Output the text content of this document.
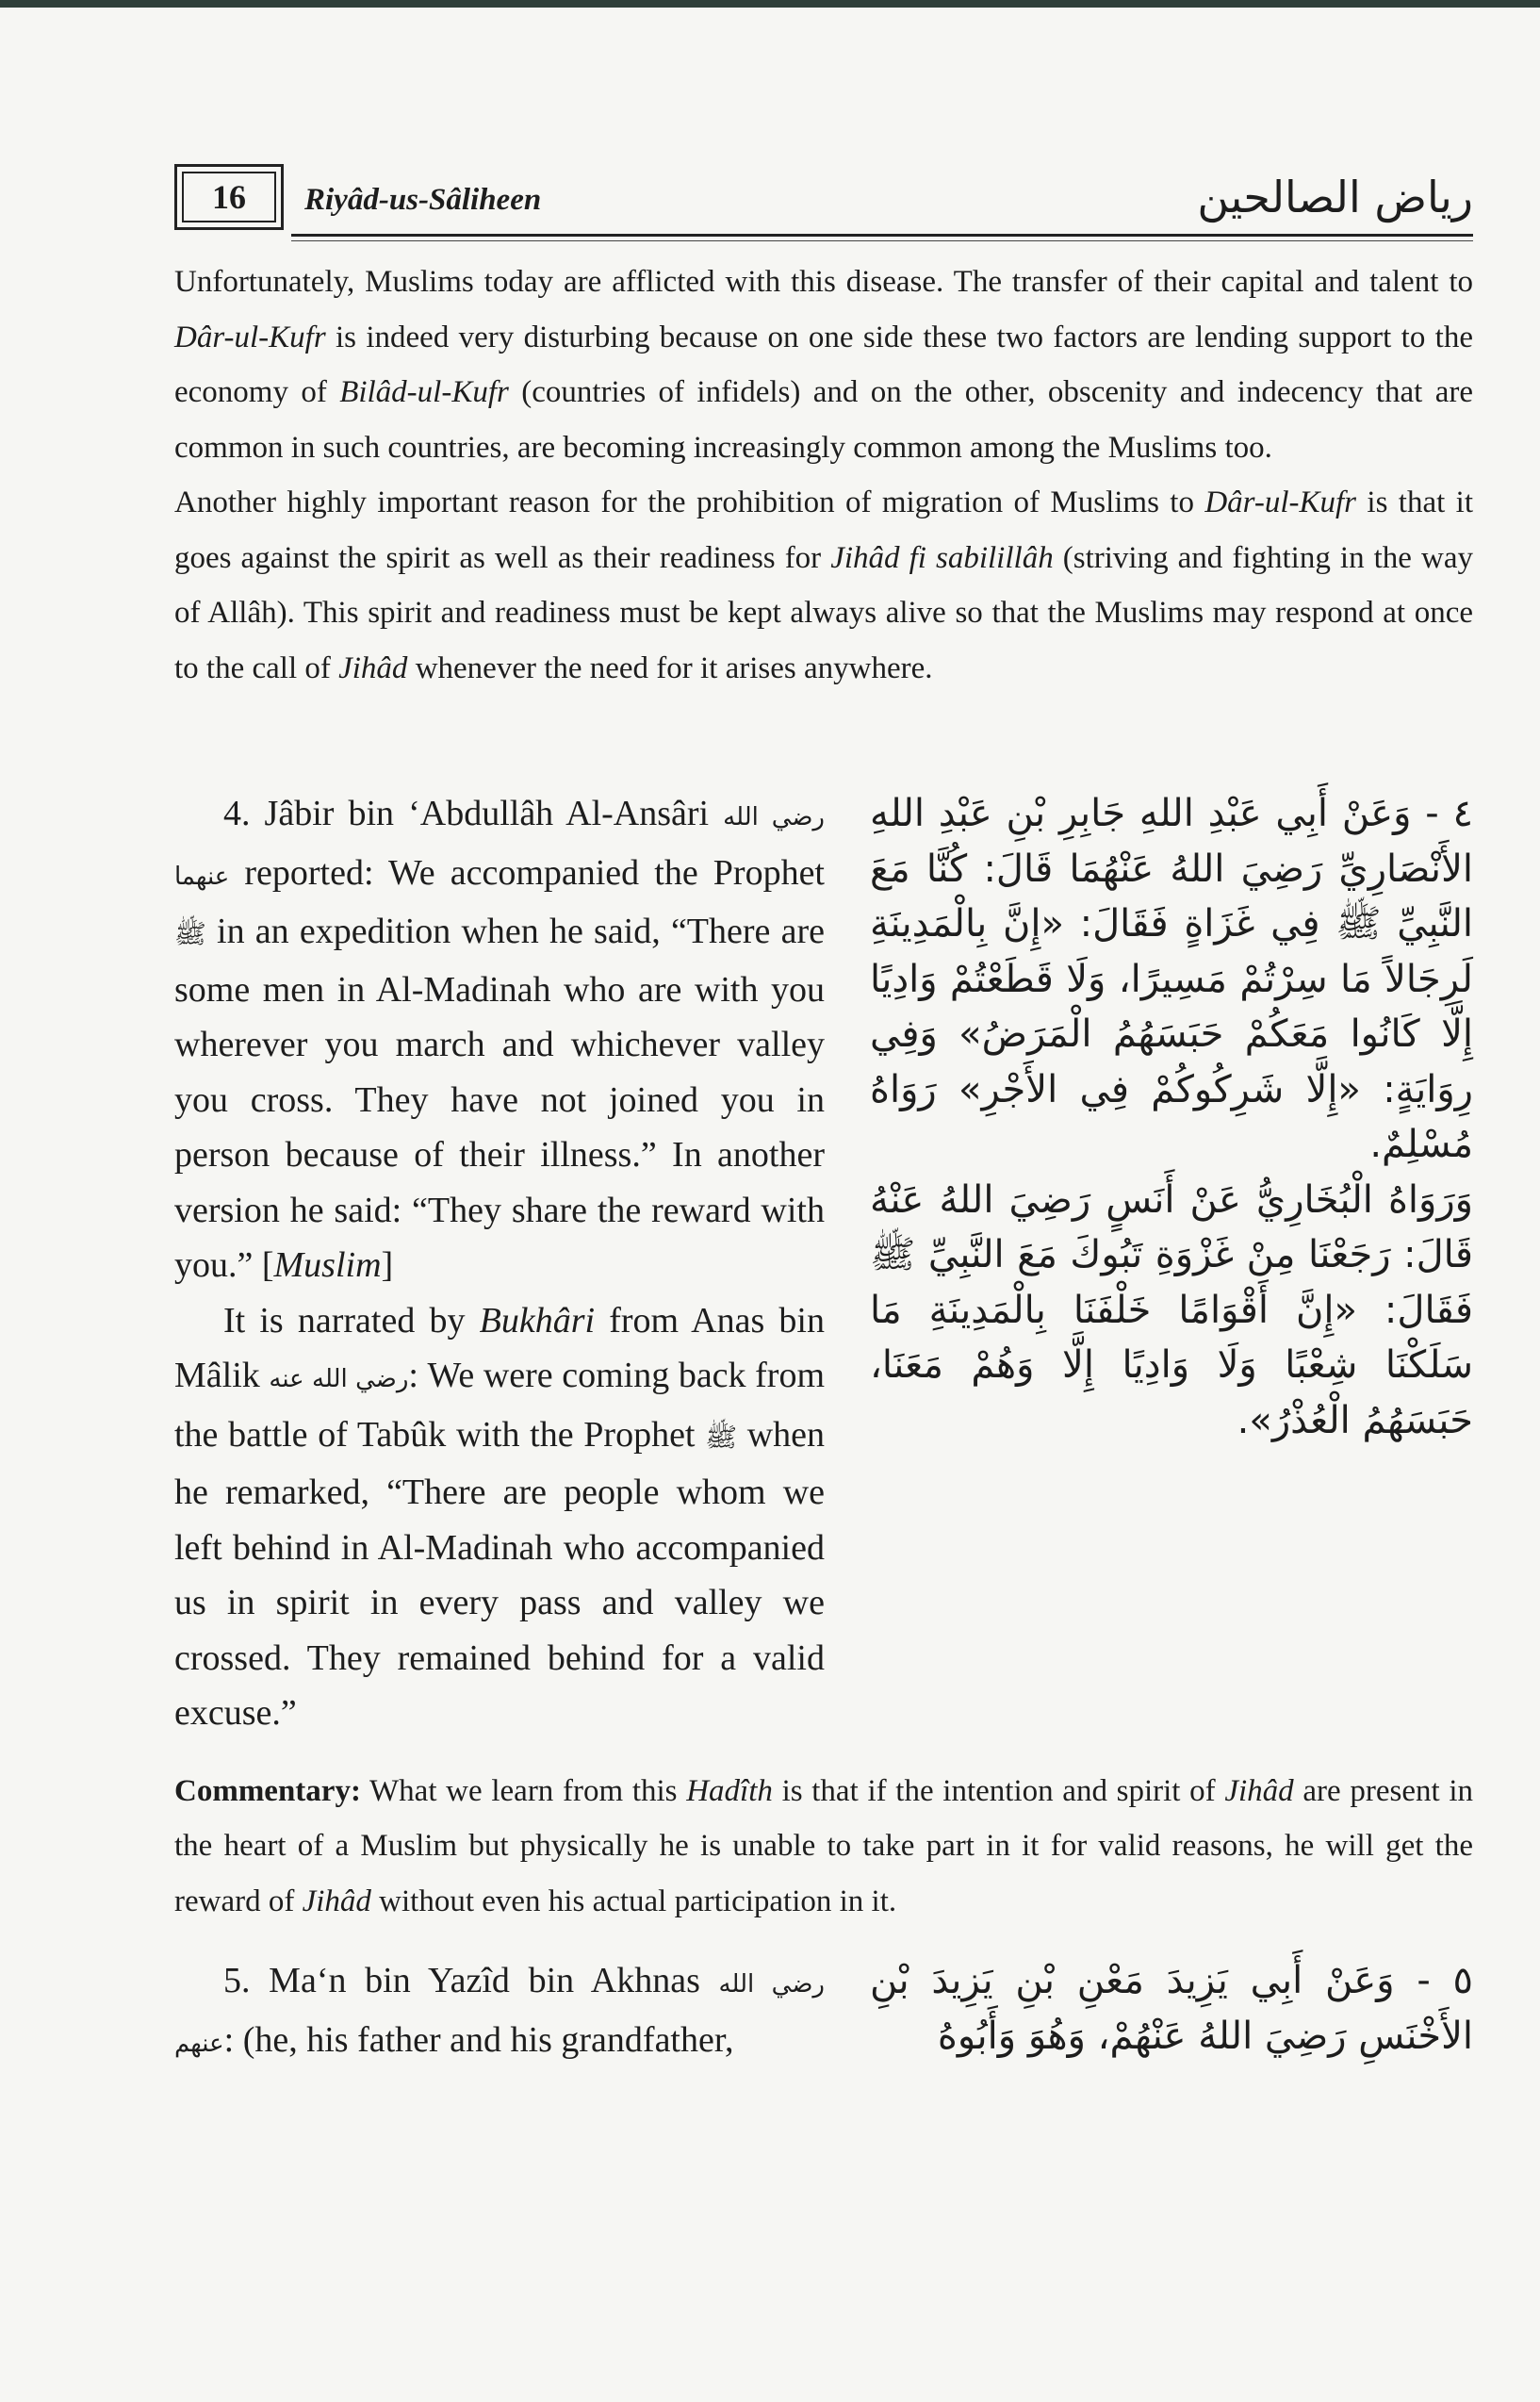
16 Riyâd-us-Sâliheen	رياض الصالحين

Unfortunately, Muslims today are afflicted with this disease. The transfer of their capital and talent to Dâr-ul-Kufr is indeed very disturbing because on one side these two factors are lending support to the economy of Bilâd-ul-Kufr (countries of infidels) and on the other, obscenity and indecency that are common in such countries, are becoming increasingly common among the Muslims too.

Another highly important reason for the prohibition of migration of Muslims to Dâr-ul-Kufr is that it goes against the spirit as well as their readiness for Jihâd fi sabilillâh (striving and fighting in the way of Allâh). This spirit and readiness must be kept always alive so that the Muslims may respond at once to the call of Jihâd whenever the need for it arises anywhere.

4. Jâbir bin ‘Abdullâh Al-Ansâri رضي الله عنهما reported: We accompanied the Prophet ﷺ in an expedition when he said, “There are some men in Al-Madinah who are with you wherever you march and whichever valley you cross. They have not joined you in person because of their illness.” In another version he said: “They share the reward with you.” [Muslim]

It is narrated by Bukhâri from Anas bin Mâlik رضي الله عنه: We were coming back from the battle of Tabûk with the Prophet ﷺ when he remarked, “There are people whom we left behind in Al-Madinah who accompanied us in spirit in every pass and valley we crossed. They remained behind for a valid excuse.”

٤ - وَعَنْ أَبِي عَبْدِ اللهِ جَابِرِ بْنِ عَبْدِ اللهِ الأَنْصَارِيِّ رَضِيَ اللهُ عَنْهُمَا قَالَ: كُنَّا مَعَ النَّبِيِّ ﷺ فِي غَزَاةٍ فَقَالَ: «إِنَّ بِالْمَدِينَةِ لَرِجَالاً مَا سِرْتُمْ مَسِيرًا، وَلَا قَطَعْتُمْ وَادِيًا إِلَّا كَانُوا مَعَكُمْ حَبَسَهُمُ الْمَرَضُ» وَفِي رِوَايَةٍ: «إِلَّا شَرِكُوكُمْ فِي الأَجْرِ» رَوَاهُ مُسْلِمٌ.

وَرَوَاهُ الْبُخَارِيُّ عَنْ أَنَسٍ رَضِيَ اللهُ عَنْهُ قَالَ: رَجَعْنَا مِنْ غَزْوَةِ تَبُوكَ مَعَ النَّبِيِّ ﷺ فَقَالَ: «إِنَّ أَقْوَامًا خَلْفَنَا بِالْمَدِينَةِ مَا سَلَكْنَا شِعْبًا وَلَا وَادِيًا إِلَّا وَهُمْ مَعَنَا، حَبَسَهُمُ الْعُذْرُ».

Commentary: What we learn from this Hadîth is that if the intention and spirit of Jihâd are present in the heart of a Muslim but physically he is unable to take part in it for valid reasons, he will get the reward of Jihâd without even his actual participation in it.

5. Ma‘n bin Yazîd bin Akhnas رضي الله عنهم: (he, his father and his grandfather,

٥ - وَعَنْ أَبِي يَزِيدَ مَعْنِ بْنِ يَزِيدَ بْنِ الأَخْنَسِ رَضِيَ اللهُ عَنْهُمْ، وَهُوَ وَأَبُوهُ
